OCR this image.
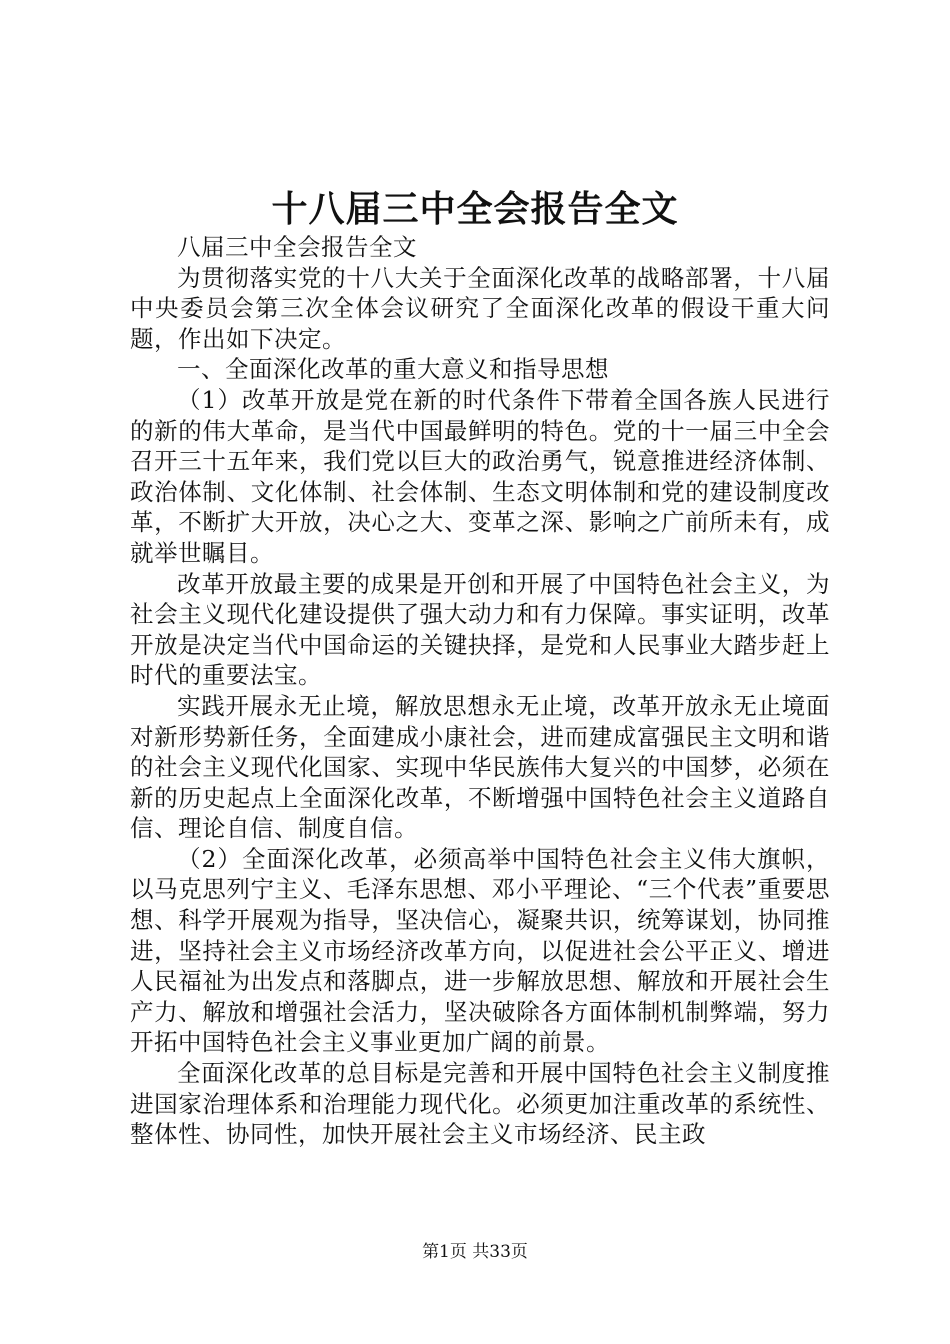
十八届三中全会报告全文

八届三中全会报告全文

为贯彻落实党的十八大关于全面深化改革的战略部署，十八届中央委员会第三次全体会议研究了全面深化改革的假设干重大问题，作出如下决定。

一、全面深化改革的重大意义和指导思想

（1）改革开放是党在新的时代条件下带着全国各族人民进行的新的伟大革命，是当代中国最鲜明的特色。党的十一届三中全会召开三十五年来，我们党以巨大的政治勇气，锐意推进经济体制、政治体制、文化体制、社会体制、生态文明体制和党的建设制度改革，不断扩大开放，决心之大、变革之深、影响之广前所未有，成就举世瞩目。

改革开放最主要的成果是开创和开展了中国特色社会主义，为社会主义现代化建设提供了强大动力和有力保障。事实证明，改革开放是决定当代中国命运的关键抉择，是党和人民事业大踏步赶上时代的重要法宝。

实践开展永无止境，解放思想永无止境，改革开放永无止境面对新形势新任务，全面建成小康社会，进而建成富强民主文明和谐的社会主义现代化国家、实现中华民族伟大复兴的中国梦，必须在新的历史起点上全面深化改革，不断增强中国特色社会主义道路自信、理论自信、制度自信。

（2）全面深化改革，必须高举中国特色社会主义伟大旗帜，以马克思列宁主义、毛泽东思想、邓小平理论、“三个代表”重要思想、科学开展观为指导，坚决信心，凝聚共识，统筹谋划，协同推进，坚持社会主义市场经济改革方向，以促进社会公平正义、增进人民福祉为出发点和落脚点，进一步解放思想、解放和开展社会生产力、解放和增强社会活力，坚决破除各方面体制机制弊端，努力开拓中国特色社会主义事业更加广阔的前景。

全面深化改革的总目标是完善和开展中国特色社会主义制度推进国家治理体系和治理能力现代化。必须更加注重改革的系统性、整体性、协同性，加快开展社会主义市场经济、民主政

第1页 共33页
